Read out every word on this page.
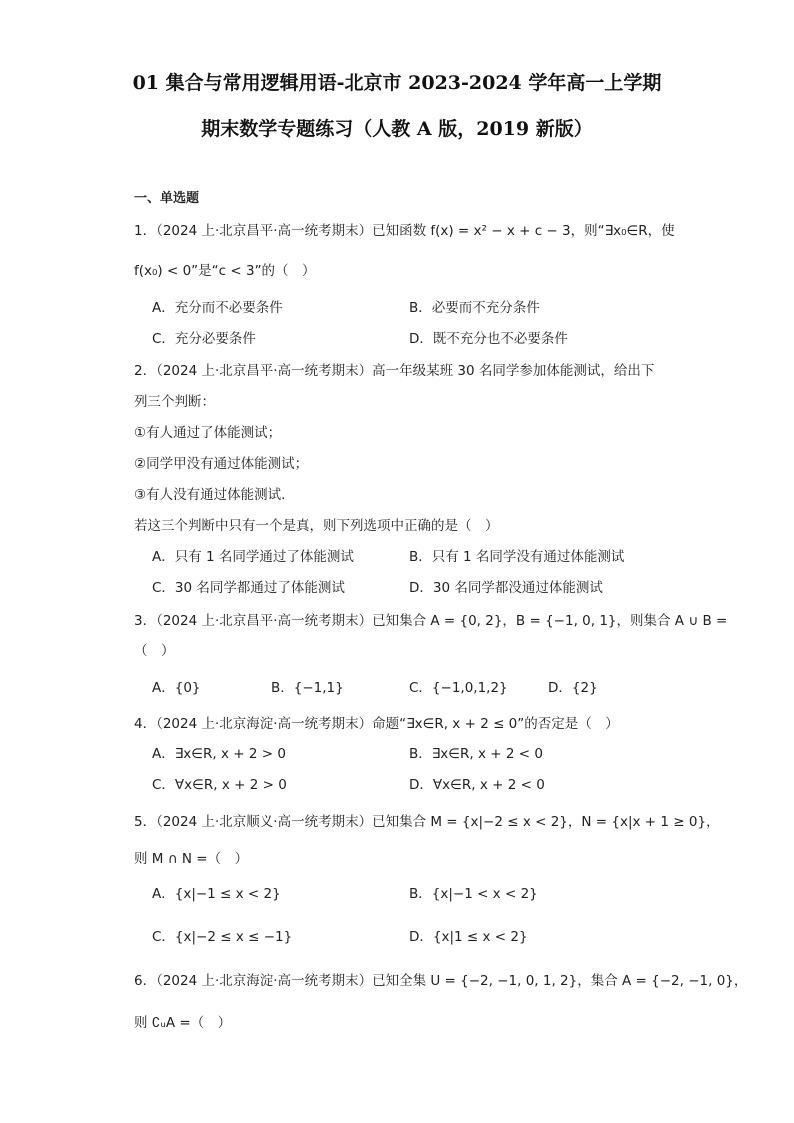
01 集合与常用逻辑用语-北京市 2023-2024 学年高一上学期
期末数学专题练习（人教 A 版，2019 新版）
一、单选题
1．（2024 上·北京昌平·高一统考期末）已知函数 f(x) = x² − x + c − 3，则“∃x₀∈R，使
f(x₀) < 0”是“c < 3”的（　）
A．充分而不必要条件	B．必要而不充分条件
C．充分必要条件	D．既不充分也不必要条件
2．（2024 上·北京昌平·高一统考期末）高一年级某班 30 名同学参加体能测试，给出下
列三个判断：
①有人通过了体能测试；
②同学甲没有通过体能测试；
③有人没有通过体能测试.
若这三个判断中只有一个是真，则下列选项中正确的是（　）
A．只有 1 名同学通过了体能测试	B．只有 1 名同学没有通过体能测试
C．30 名同学都通过了体能测试	D．30 名同学都没通过体能测试
3．（2024 上·北京昌平·高一统考期末）已知集合 A = {0, 2}，B = {−1, 0, 1}，则集合 A ∪ B =
（　）
A．{0}	B．{−1,1}	C．{−1,0,1,2}	D．{2}
4．（2024 上·北京海淀·高一统考期末）命题“∃x∈R, x + 2 ≤ 0”的否定是（　）
A．∃x∈R, x + 2 > 0	B．∃x∈R, x + 2 < 0
C．∀x∈R, x + 2 > 0	D．∀x∈R, x + 2 < 0
5．（2024 上·北京顺义·高一统考期末）已知集合 M = {x|−2 ≤ x < 2}，N = {x|x + 1 ≥ 0}，
则 M ∩ N =（　）
A．{x|−1 ≤ x < 2}	B．{x|−1 < x < 2}
C．{x|−2 ≤ x ≤ −1}	D．{x|1 ≤ x < 2}
6．（2024 上·北京海淀·高一统考期末）已知全集 U = {−2, −1, 0, 1, 2}，集合 A = {−2, −1, 0}，
则 ∁ᵤA =（　）
